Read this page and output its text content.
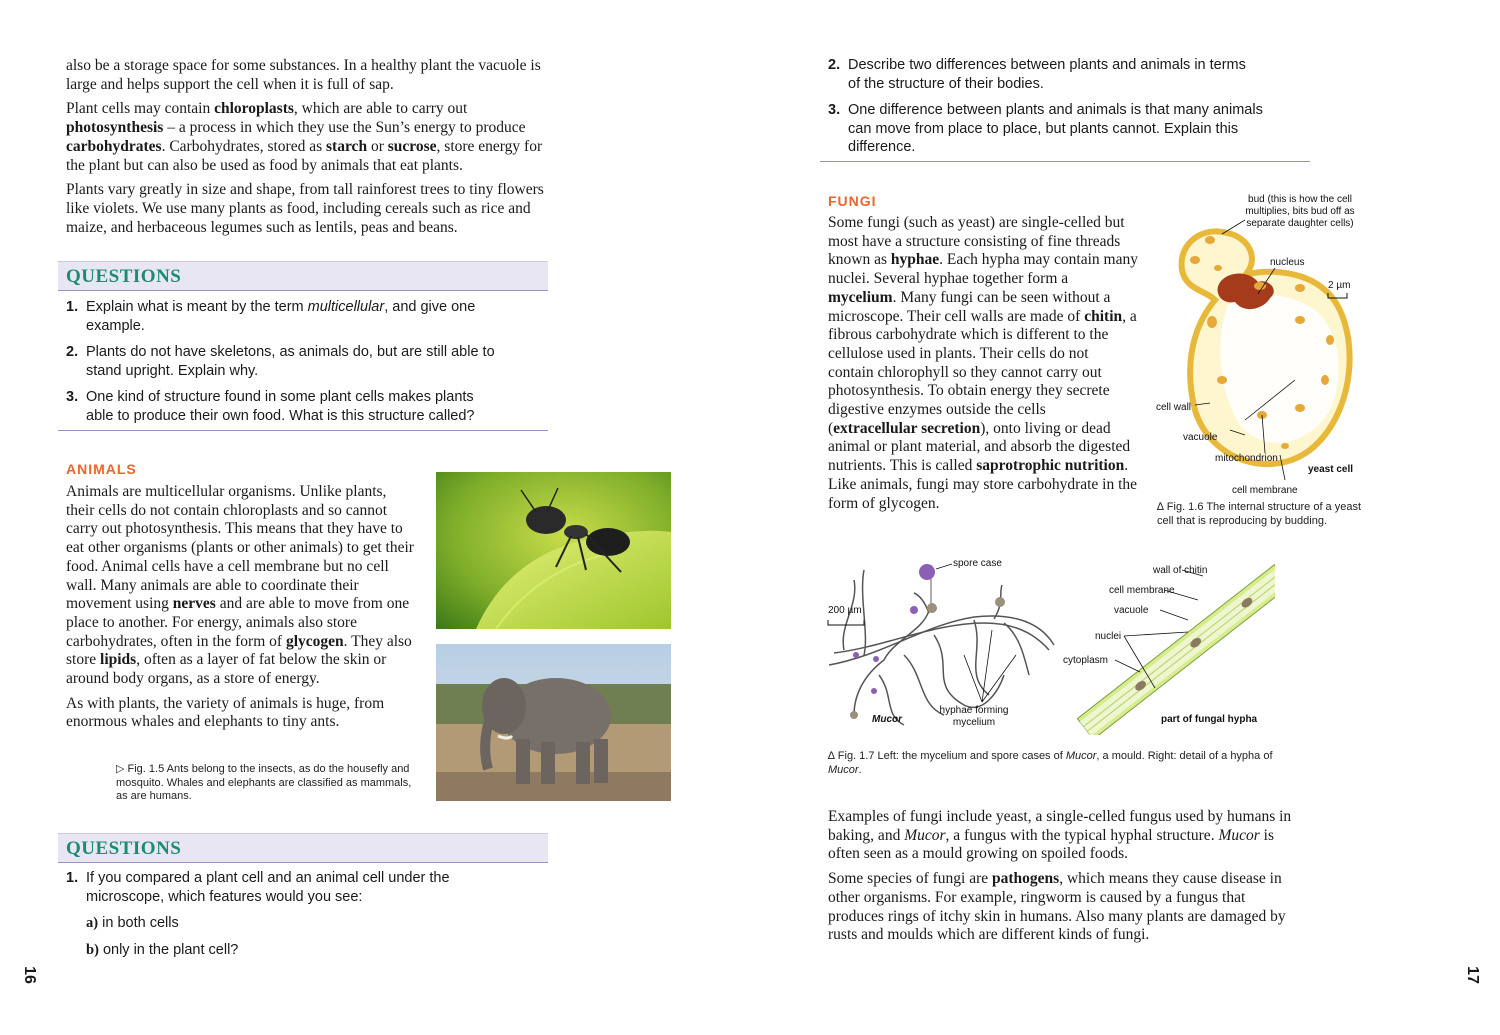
also be a storage space for some substances. In a healthy plant the vacuole is large and helps support the cell when it is full of sap.
Plant cells may contain chloroplasts, which are able to carry out photosynthesis – a process in which they use the Sun’s energy to produce carbohydrates. Carbohydrates, stored as starch or sucrose, store energy for the plant but can also be used as food by animals that eat plants.
Plants vary greatly in size and shape, from tall rainforest trees to tiny flowers like violets. We use many plants as food, including cereals such as rice and maize, and herbaceous legumes such as lentils, peas and beans.
QUESTIONS
1. Explain what is meant by the term multicellular, and give one
example.
2. Plants do not have skeletons, as animals do, but are still able to
stand upright. Explain why.
3. One kind of structure found in some plant cells makes plants
able to produce their own food. What is this structure called?
ANIMALS
Animals are multicellular organisms. Unlike plants, their cells do not contain chloroplasts and so cannot carry out photosynthesis. This means that they have to eat other organisms (plants or other animals) to get their food. Animal cells have a cell membrane but no cell wall. Many animals are able to coordinate their movement using nerves and are able to move from one place to another. For energy, animals also store carbohydrates, often in the form of glycogen. They also store lipids, often as a layer of fat below the skin or around body organs, as a store of energy.
As with plants, the variety of animals is huge, from enormous whales and elephants to tiny ants.
▷ Fig. 1.5 Ants belong to the insects, as do the housefly and mosquito. Whales and elephants are classified as mammals, as are humans.
QUESTIONS
1. If you compared a plant cell and an animal cell under the
microscope, which features would you see:
a) in both cells
b) only in the plant cell?
16
2. Describe two differences between plants and animals in terms
of the structure of their bodies.
3. One difference between plants and animals is that many animals
can move from place to place, but plants cannot. Explain this
difference.
FUNGI
Some fungi (such as yeast) are single-celled but most have a structure consisting of fine threads known as hyphae. Each hypha may contain many nuclei. Several hyphae together form a mycelium. Many fungi can be seen without a microscope. Their cell walls are made of chitin, a fibrous carbohydrate which is different to the cellulose used in plants. Their cells do not contain chlorophyll so they cannot carry out photosynthesis. To obtain energy they secrete digestive enzymes outside the cells (extracellular secretion), onto living or dead animal or plant material, and absorb the digested nutrients. This is called saprotrophic nutrition. Like animals, fungi may store carbohydrate in the form of glycogen.
bud (this is how the cell
multiplies, bits bud off as
separate daughter cells)
nucleus
2 µm
cell wall
vacuole
mitochondrion
yeast cell
cell membrane
∆ Fig. 1.6 The internal structure of a yeast cell that is reproducing by budding.
spore case
200 µm
Mucor
hyphae forming
mycelium
wall of chitin
cell membrane
vacuole
nuclei
cytoplasm
part of fungal hypha
∆ Fig. 1.7 Left: the mycelium and spore cases of Mucor, a mould. Right: detail of a hypha of Mucor.
Examples of fungi include yeast, a single-celled fungus used by humans in baking, and Mucor, a fungus with the typical hyphal structure. Mucor is often seen as a mould growing on spoiled foods.
Some species of fungi are pathogens, which means they cause disease in other organisms. For example, ringworm is caused by a fungus that produces rings of itchy skin in humans. Also many plants are damaged by rusts and moulds which are different kinds of fungi.
17
